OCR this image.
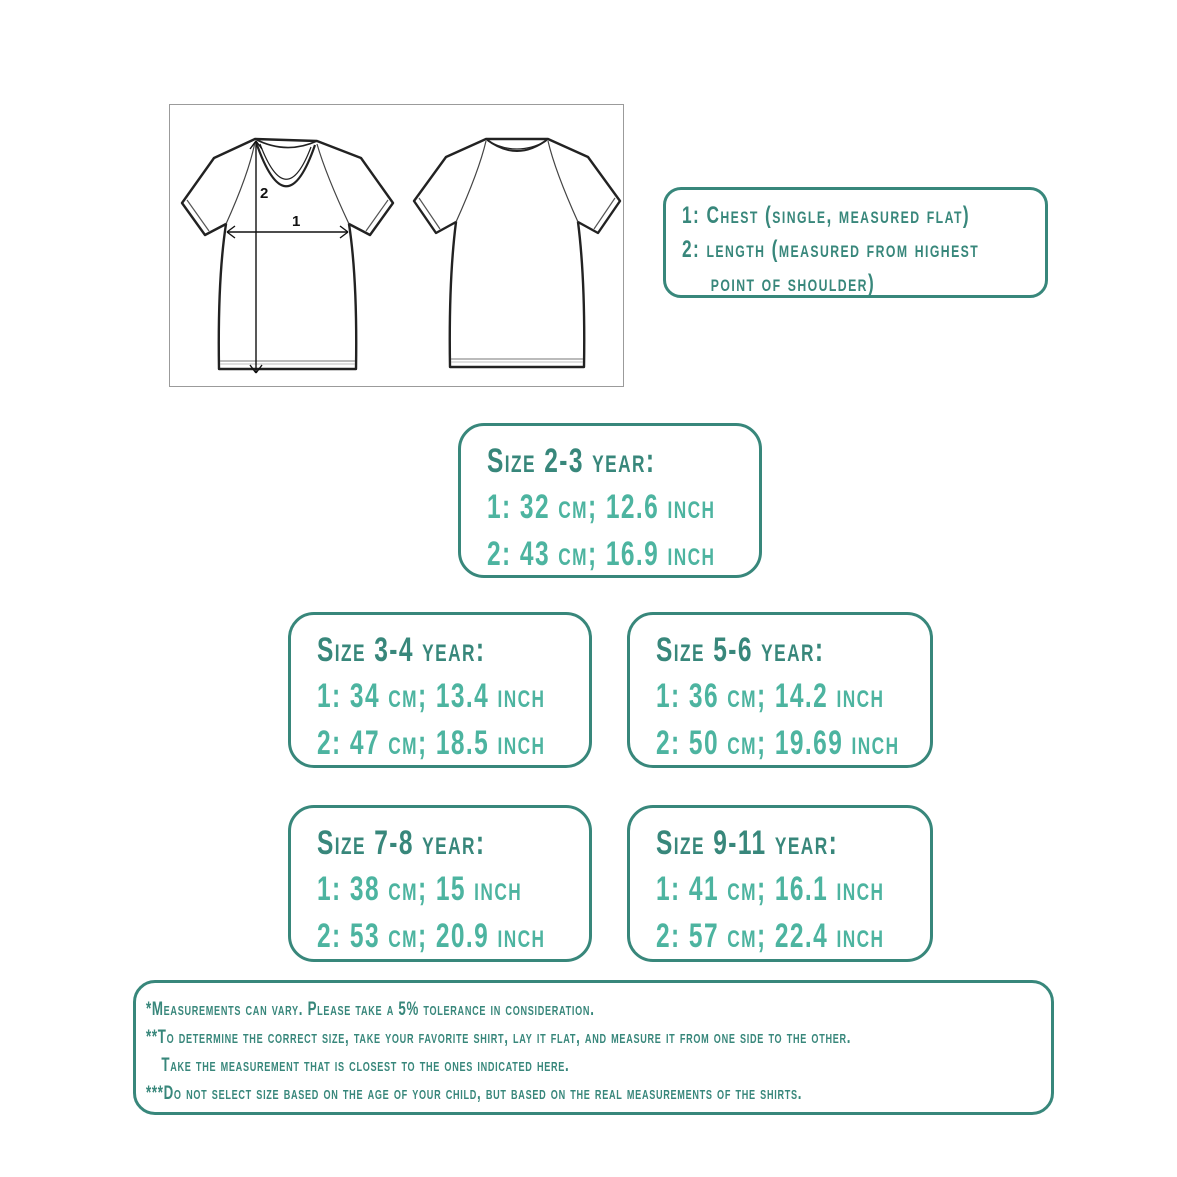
1
2
1: Chest (single, measured flat)
2: length (measured from highest
point of shoulder)
Size 2-3 year:
1: 32 cm; 12.6 inch
2: 43 cm; 16.9 inch
Size 3-4 year:
1: 34 cm; 13.4 inch
2: 47 cm; 18.5 inch
Size 5-6 year:
1: 36 cm; 14.2 inch
2: 50 cm; 19.69 inch
Size 7-8 year:
1: 38 cm; 15 inch
2: 53 cm; 20.9 inch
Size 9-11 year:
1: 41 cm; 16.1 inch
2: 57 cm; 22.4 inch
*Measurements can vary. Please take a 5% tolerance in consideration.
**To determine the correct size, take your favorite shirt, lay it flat, and measure it from one side to the other.
Take the measurement that is closest to the ones indicated here.
***Do not select size based on the age of your child, but based on the real measurements of the shirts.
